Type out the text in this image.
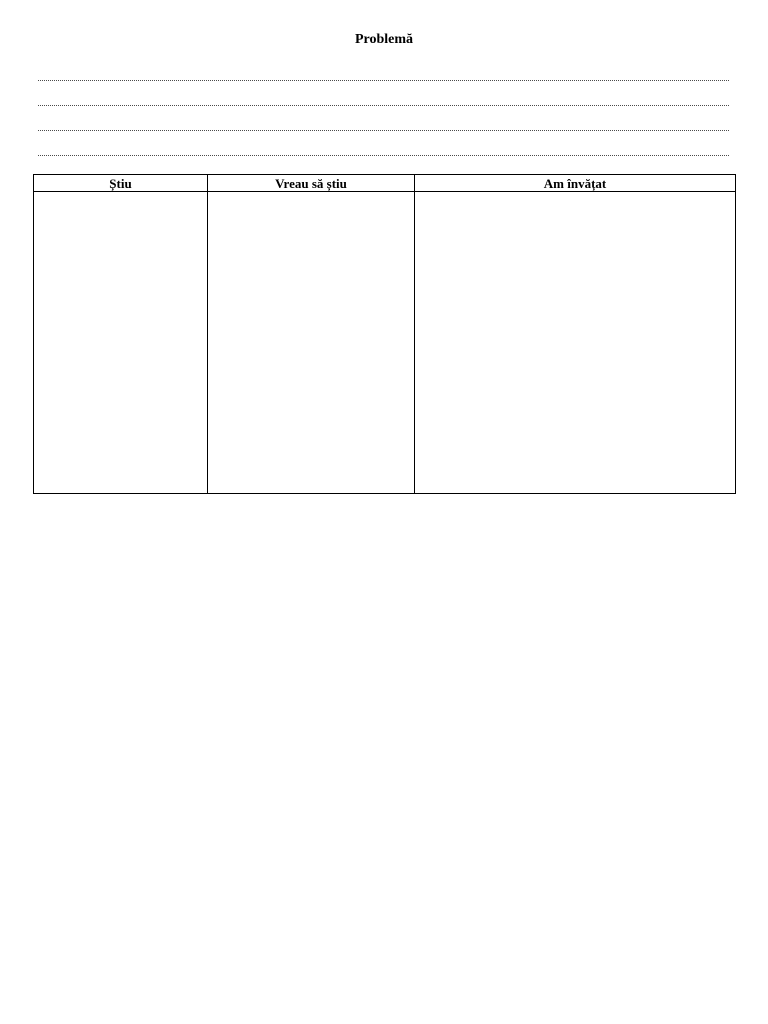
Problemă
Știu	Vreau să știu	Am învățat
